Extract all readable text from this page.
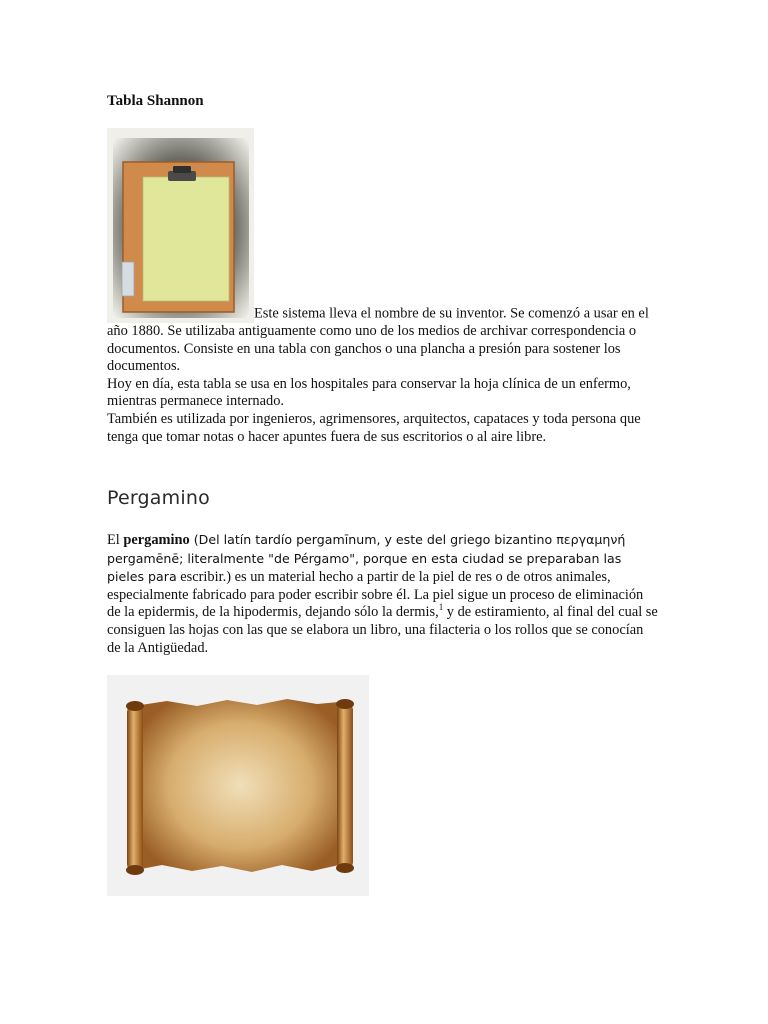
Tabla Shannon
Este sistema lleva el nombre de su inventor. Se comenzó a usar en el año 1880. Se utilizaba antiguamente como uno de los medios de archivar correspondencia o documentos. Consiste en una tabla con ganchos o una plancha a presión para sostener los documentos.
Hoy en día, esta tabla se usa en los hospitales para conservar la hoja clínica de un enfermo, mientras permanece internado.
También es utilizada por ingenieros, agrimensores, arquitectos, capataces y toda persona que tenga que tomar notas o hacer apuntes fuera de sus escritorios o al aire libre.
Pergamino
El pergamino (Del latín tardío pergamīnum, y este del griego bizantino περγαμηνή pergamēnē; literalmente "de Pérgamo", porque en esta ciudad se preparaban las pieles para escribir.) es un material hecho a partir de la piel de res o de otros animales, especialmente fabricado para poder escribir sobre él. La piel sigue un proceso de eliminación de la epidermis, de la hipodermis, dejando sólo la dermis,$^1$ y de estiramiento, al final del cual se consiguen las hojas con las que se elabora un libro, una filacteria o los rollos que se conocían de la Antigüedad.
